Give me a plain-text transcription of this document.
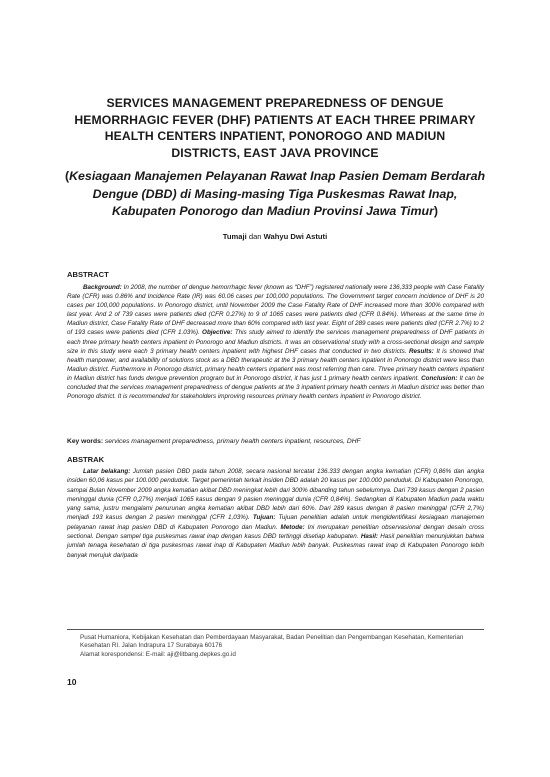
SERVICES MANAGEMENT PREPAREDNESS OF DENGUE HEMORRHAGIC FEVER (DHF) PATIENTS AT EACH THREE PRIMARY HEALTH CENTERS INPATIENT, PONOROGO AND MADIUN DISTRICTS, EAST JAVA PROVINCE
(Kesiagaan Manajemen Pelayanan Rawat Inap Pasien Demam Berdarah Dengue (DBD) di Masing-masing Tiga Puskesmas Rawat Inap, Kabupaten Ponorogo dan Madiun Provinsi Jawa Timur)
Tumaji dan Wahyu Dwi Astuti
ABSTRACT
Background: In 2008, the number of dengue hemorrhagic fever (known as “DHF”) registered nationally were 136,333 people with Case Fatality Rate (CFR) was 0.86% and Incidence Rate (IR) was 60.06 cases per 100,000 populations. The Government target concern incidence of DHF is 20 cases per 100,000 populations. In Ponorogo district, until November 2009 the Case Fatality Rate of DHF increased more than 300% compared with last year. And 2 of 739 cases were patients died (CFR 0.27%) to 9 of 1065 cases were patients died (CFR 0.84%). Whereas at the same time in Madiun district, Case Fatality Rate of DHF decreased more than 60% compared with last year. Eight of 289 cases were patients died (CFR 2.7%) to 2 of 193 cases were patients died (CFR 1.03%). Objective: This study aimed to identify the services management preparedness of DHF patients in each three primary health centers inpatient in Ponorogo and Madiun districts. It was an observational study with a cross-sectional design and sample size in this study were each 3 primary health centers inpatient with highest DHF cases that conducted in two districts. Results: It is showed that health manpower, and availability of solutions stock as a DBD therapeutic at the 3 primary health centers inpatient in Ponorogo district were less than Madiun district. Furthermore in Ponorogo district, primary health centers inpatient was most referring than care. Three primary health centers inpatient in Madiun district has funds dengue prevention program but in Ponorogo district, it has just 1 primary health centers inpatient. Conclusion: It can be concluded that the services management preparedness of dengue patients at the 3 inpatient primary health centers in Madiun district was better than Ponorogo district. It is recommended for stakeholders improving resources primary health centers inpatient in Ponorogo district.
Key words: services management preparedness, primary health centers inpatient, resources, DHF
ABSTRAK
Latar belakang: Jumlah pasien DBD pada tahun 2008, secara nasional tercatat 136.333 dengan angka kematian (CFR) 0,86% dan angka insiden 60,06 kasus per 100.000 penduduk. Target pemerintah terkait insiden DBD adalah 20 kasus per 100.000 penduduk. Di Kabupaten Ponorogo, sampai Bulan November 2009 angka kematian akibat DBD meningkat lebih dari 300% dibanding tahun sebelumnya. Dari 739 kasus dengan 2 pasien meninggal dunia (CFR 0,27%) menjadi 1065 kasus dengan 9 pasien meninggal dunia (CFR 0,84%). Sedangkan di Kabupaten Madiun pada waktu yang sama, justru mengalami penurunan angka kematian akibat DBD lebih dari 60%. Dari 289 kasus dengan 8 pasien meninggal (CFR 2,7%) menjadi 193 kasus dengan 2 pasien meninggal (CFR 1,03%). Tujuan: Tujuan penelitian adalah untuk mengidentifikasi kesiagaan manajemen pelayanan rawat inap pasien DBD di Kabupaten Ponorogo dan Madiun. Metode: Ini merupakan penelitian observasional dengan desain cross sectional. Dengan sampel tiga puskesmas rawat inap dengan kasus DBD tertinggi disetiap kabupaten. Hasil: Hasil penelitian menunjukkan bahwa jumlah tenaga kesehatan di tiga puskesmas rawat inap di Kabupaten Madiun lebih banyak. Puskesmas rawat inap di Kabupaten Ponorogo lebih banyak merujuk daripada
Pusat Humaniora, Kebijakan Kesehatan dan Pemberdayaan Masyarakat, Badan Penelitian dan Pengembangan Kesehatan, Kementerian Kesehatan RI. Jalan Indrapura 17 Surabaya 60176
Alamat korespondensi: E-mail: aji@litbang.depkes.go.id
10
